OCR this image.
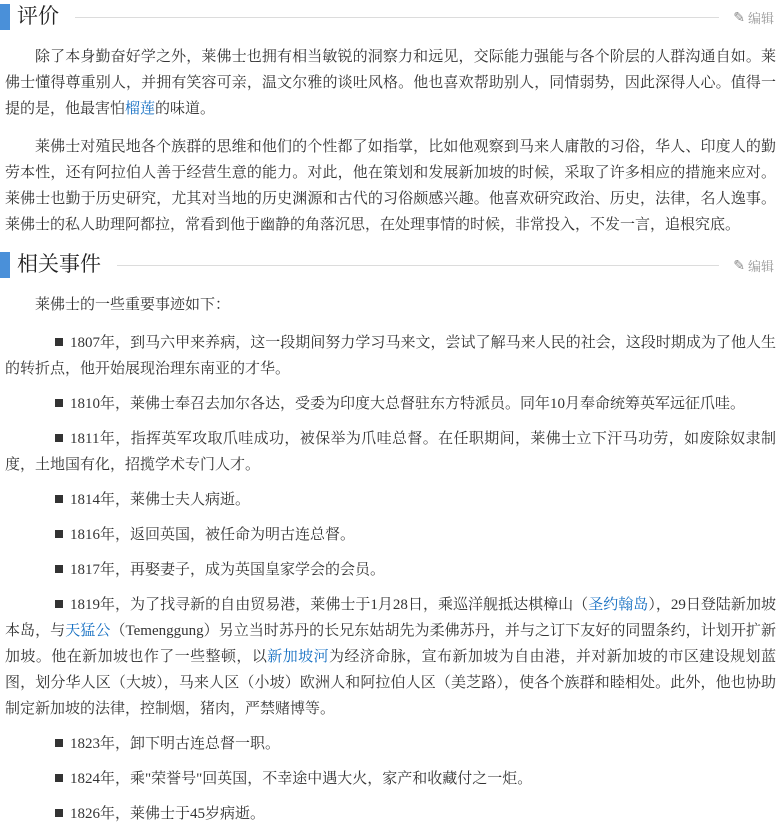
评价	✎ 编辑

除了本身勤奋好学之外，莱佛士也拥有相当敏锐的洞察力和远见，交际能力强能与各个阶层的人群沟通自如。莱佛士懂得尊重别人，并拥有笑容可亲，温文尔雅的谈吐风格。他也喜欢帮助别人，同情弱势，因此深得人心。值得一提的是，他最害怕榴莲的味道。

莱佛士对殖民地各个族群的思维和他们的个性都了如指掌，比如他观察到马来人庸散的习俗，华人、印度人的勤劳本性，还有阿拉伯人善于经营生意的能力。对此，他在策划和发展新加坡的时候，采取了许多相应的措施来应对。莱佛士也勤于历史研究，尤其对当地的历史渊源和古代的习俗颇感兴趣。他喜欢研究政治、历史，法律，名人逸事。莱佛士的私人助理阿都拉，常看到他于幽静的角落沉思，在处理事情的时候，非常投入，不发一言，追根究底。

相关事件	✎ 编辑

莱佛士的一些重要事迹如下：

1807年，到马六甲来养病，这一段期间努力学习马来文，尝试了解马来人民的社会，这段时期成为了他人生的转折点，他开始展现治理东南亚的才华。

1810年，莱佛士奉召去加尔各达，受委为印度大总督驻东方特派员。同年10月奉命统筹英军远征爪哇。

1811年，指挥英军攻取爪哇成功，被保举为爪哇总督。在任职期间，莱佛士立下汗马功劳，如废除奴隶制度，土地国有化，招揽学术专门人才。

1814年，莱佛士夫人病逝。

1816年，返回英国，被任命为明古连总督。

1817年，再娶妻子，成为英国皇家学会的会员。

1819年，为了找寻新的自由贸易港，莱佛士于1月28日，乘巡洋舰抵达棋樟山（圣约翰岛），29日登陆新加坡本岛，与天猛公（Temenggung）另立当时苏丹的长兄东姑胡先为柔佛苏丹，并与之订下友好的同盟条约，计划开扩新加坡。他在新加坡也作了一些整顿，以新加坡河为经济命脉，宣布新加坡为自由港，并对新加坡的市区建设规划蓝图，划分华人区（大坡），马来人区（小坡）欧洲人和阿拉伯人区（美芝路），使各个族群和睦相处。此外，他也协助制定新加坡的法律，控制烟，猪肉，严禁赌博等。

1823年，卸下明古连总督一职。

1824年，乘"荣誉号"回英国，不幸途中遇大火，家产和收藏付之一炬。

1826年，莱佛士于45岁病逝。
